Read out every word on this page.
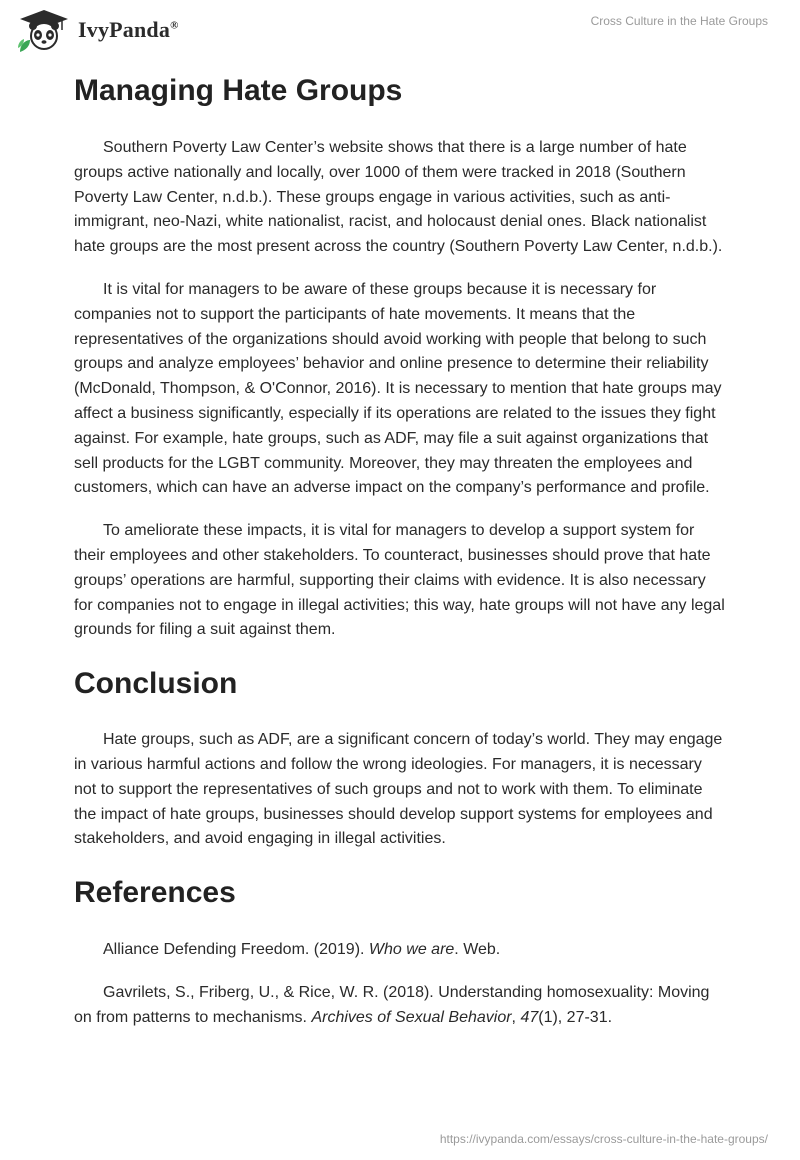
IvyPanda®	Cross Culture in the Hate Groups
Managing Hate Groups

Southern Poverty Law Center’s website shows that there is a large number of hate groups active nationally and locally, over 1000 of them were tracked in 2018 (Southern Poverty Law Center, n.d.b.). These groups engage in various activities, such as anti-immigrant, neo-Nazi, white nationalist, racist, and holocaust denial ones. Black nationalist hate groups are the most present across the country (Southern Poverty Law Center, n.d.b.).

It is vital for managers to be aware of these groups because it is necessary for companies not to support the participants of hate movements. It means that the representatives of the organizations should avoid working with people that belong to such groups and analyze employees’ behavior and online presence to determine their reliability (McDonald, Thompson, & O'Connor, 2016). It is necessary to mention that hate groups may affect a business significantly, especially if its operations are related to the issues they fight against. For example, hate groups, such as ADF, may file a suit against organizations that sell products for the LGBT community. Moreover, they may threaten the employees and customers, which can have an adverse impact on the company’s performance and profile.

To ameliorate these impacts, it is vital for managers to develop a support system for their employees and other stakeholders. To counteract, businesses should prove that hate groups’ operations are harmful, supporting their claims with evidence. It is also necessary for companies not to engage in illegal activities; this way, hate groups will not have any legal grounds for filing a suit against them.

Conclusion

Hate groups, such as ADF, are a significant concern of today’s world. They may engage in various harmful actions and follow the wrong ideologies. For managers, it is necessary not to support the representatives of such groups and not to work with them. To eliminate the impact of hate groups, businesses should develop support systems for employees and stakeholders, and avoid engaging in illegal activities.

References

Alliance Defending Freedom. (2019). Who we are. Web.

Gavrilets, S., Friberg, U., & Rice, W. R. (2018). Understanding homosexuality: Moving on from patterns to mechanisms. Archives of Sexual Behavior, 47(1), 27-31.

https://ivypanda.com/essays/cross-culture-in-the-hate-groups/
